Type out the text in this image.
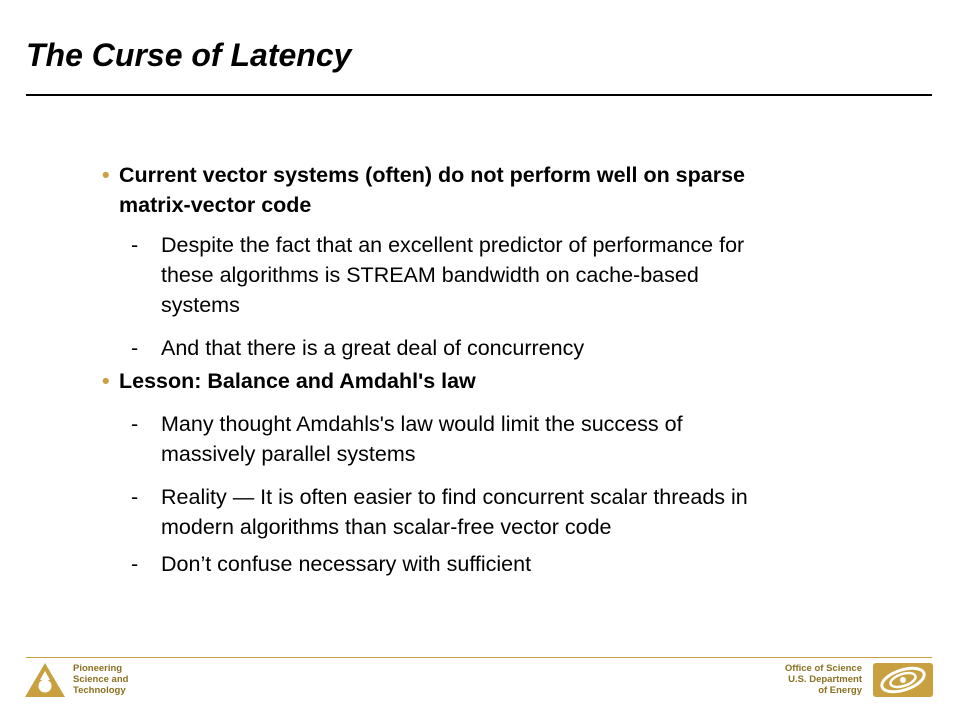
The Curse of Latency
• Current vector systems (often) do not perform well on sparse
matrix-vector code
- Despite the fact that an excellent predictor of performance for
these algorithms is STREAM bandwidth on cache-based
systems
- And that there is a great deal of concurrency
• Lesson: Balance and Amdahl's law
- Many thought Amdahls's law would limit the success of
massively parallel systems
- Reality — It is often easier to find concurrent scalar threads in
modern algorithms than scalar-free vector code
- Don’t confuse necessary with sufficient
Pioneering
Science and
Technology
Office of Science
U.S. Department
of Energy
